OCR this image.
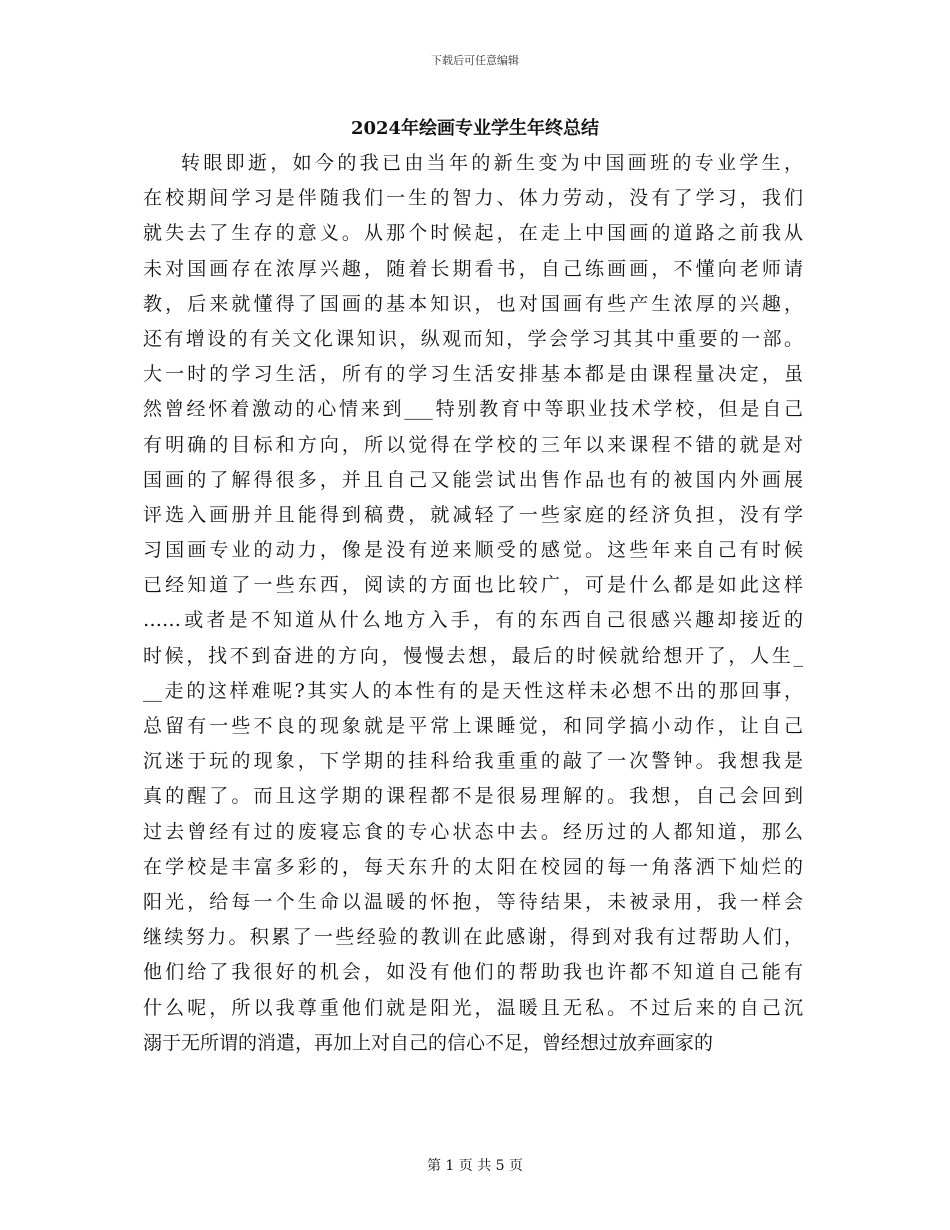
下载后可任意编辑
2024年绘画专业学生年终总结
转眼即逝，如今的我已由当年的新生变为中国画班的专业学生，
在校期间学习是伴随我们一生的智力、体力劳动，没有了学习，我们
就失去了生存的意义。从那个时候起，在走上中国画的道路之前我从
未对国画存在浓厚兴趣，随着长期看书，自己练画画，不懂向老师请
教，后来就懂得了国画的基本知识，也对国画有些产生浓厚的兴趣，
还有增设的有关文化课知识，纵观而知，学会学习其其中重要的一部。
大一时的学习生活，所有的学习生活安排基本都是由课程量决定，虽
然曾经怀着激动的心情来到___特别教育中等职业技术学校，但是自己
有明确的目标和方向，所以觉得在学校的三年以来课程不错的就是对
国画的了解得很多，并且自己又能尝试出售作品也有的被国内外画展
评选入画册并且能得到稿费，就减轻了一些家庭的经济负担，没有学
习国画专业的动力，像是没有逆来顺受的感觉。这些年来自己有时候
已经知道了一些东西，阅读的方面也比较广，可是什么都是如此这样
……或者是不知道从什么地方入手，有的东西自己很感兴趣却接近的
时候，找不到奋进的方向，慢慢去想，最后的时候就给想开了，人生_
__走的这样难呢?其实人的本性有的是天性这样未必想不出的那回事，
总留有一些不良的现象就是平常上课睡觉，和同学搞小动作，让自己
沉迷于玩的现象，下学期的挂科给我重重的敲了一次警钟。我想我是
真的醒了。而且这学期的课程都不是很易理解的。我想，自己会回到
过去曾经有过的废寝忘食的专心状态中去。经历过的人都知道，那么
在学校是丰富多彩的，每天东升的太阳在校园的每一角落洒下灿烂的
阳光，给每一个生命以温暖的怀抱，等待结果，未被录用，我一样会
继续努力。积累了一些经验的教训在此感谢，得到对我有过帮助人们，
他们给了我很好的机会，如没有他们的帮助我也许都不知道自己能有
什么呢，所以我尊重他们就是阳光，温暖且无私。不过后来的自己沉
溺于无所谓的消遣，再加上对自己的信心不足，曾经想过放弃画家的
第 1 页 共 5 页
